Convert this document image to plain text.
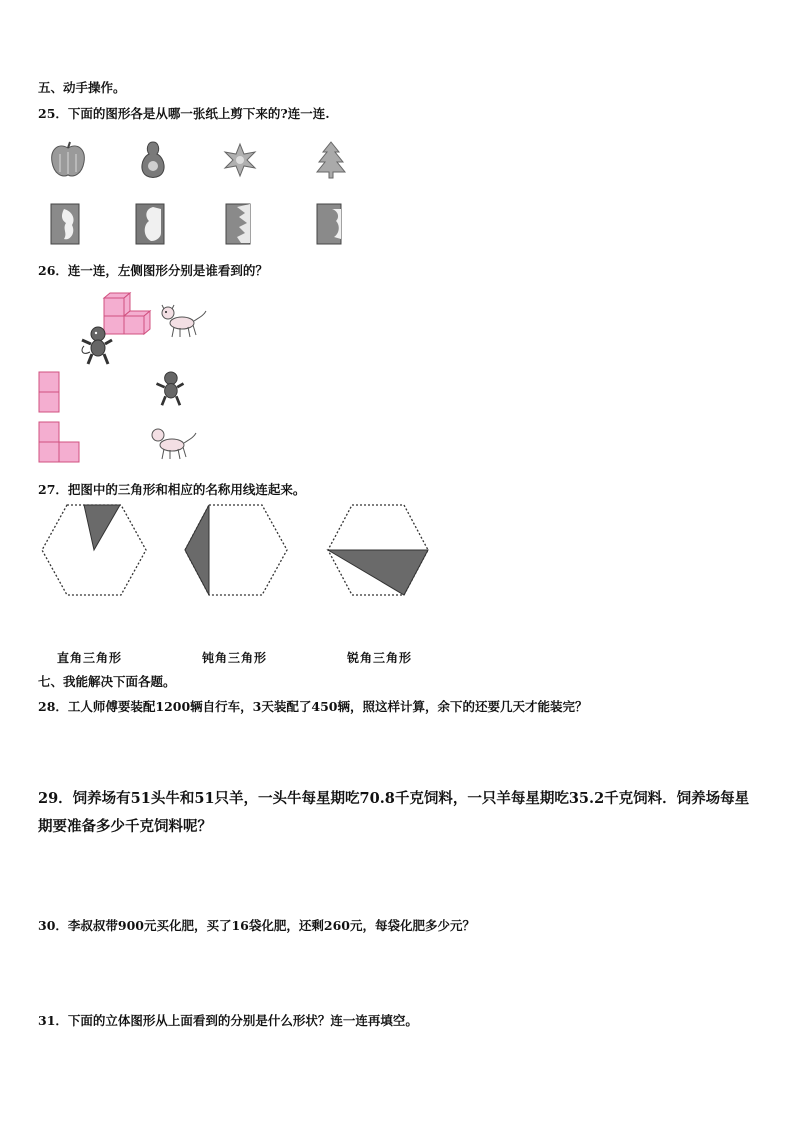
五、动手操作。
25．下面的图形各是从哪一张纸上剪下来的?连一连.
26．连一连，左侧图形分别是谁看到的？
27．把图中的三角形和相应的名称用线连起来。
直角三角形	钝角三角形	锐角三角形
七、我能解决下面各题。
28．工人师傅要装配1200辆自行车，3天装配了450辆，照这样计算，余下的还要几天才能装完？
29．饲养场有51头牛和51只羊，一头牛每星期吃70.8千克饲料，一只羊每星期吃35.2千克饲料．饲养场每星期要准备多少千克饲料呢？
30．李叔叔带900元买化肥，买了16袋化肥，还剩260元，每袋化肥多少元？
31．下面的立体图形从上面看到的分别是什么形状？连一连再填空。
